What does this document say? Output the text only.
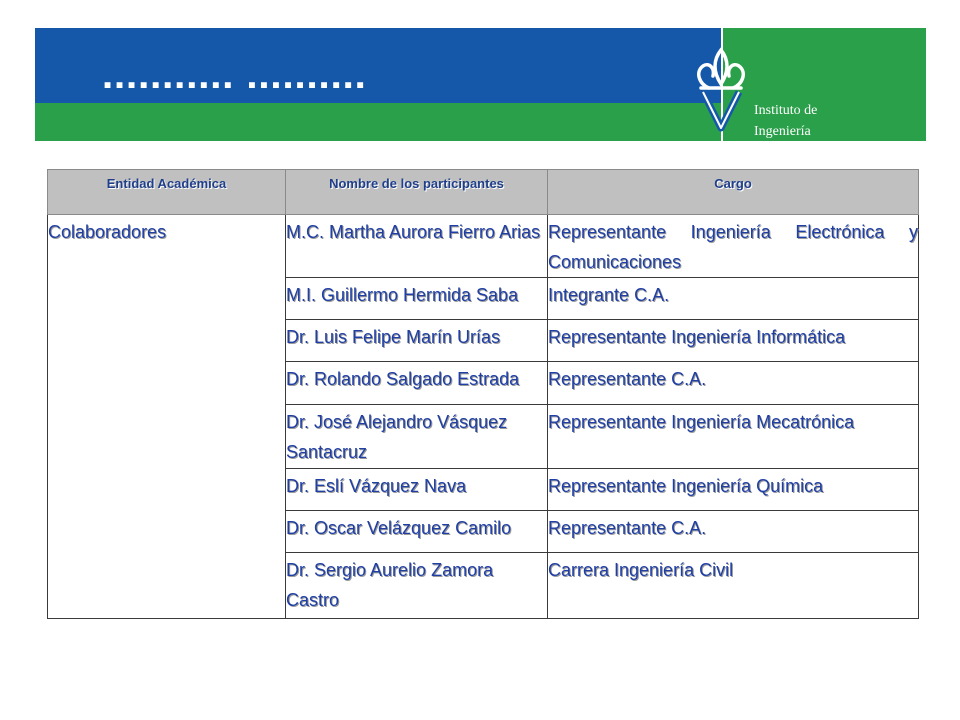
▪▪▪▪▪▪▪▪▪▪▪ ▪▪▪▪▪▪▪▪▪▪
Instituto de
Ingeniería
Entidad Académica	Nombre de los participantes	Cargo
Colaboradores	M.C. Martha Aurora Fierro Arias	Representante Ingeniería Electrónica y Comunicaciones
	M.I. Guillermo Hermida Saba	Integrante C.A.
	Dr. Luis Felipe Marín Urías	Representante Ingeniería Informática
	Dr. Rolando Salgado Estrada	Representante C.A.
	Dr. José Alejandro Vásquez Santacruz	Representante Ingeniería Mecatrónica
	Dr. Eslí Vázquez Nava	Representante Ingeniería Química
	Dr. Oscar Velázquez Camilo	Representante C.A.
	Dr. Sergio Aurelio Zamora Castro	Carrera Ingeniería Civil
